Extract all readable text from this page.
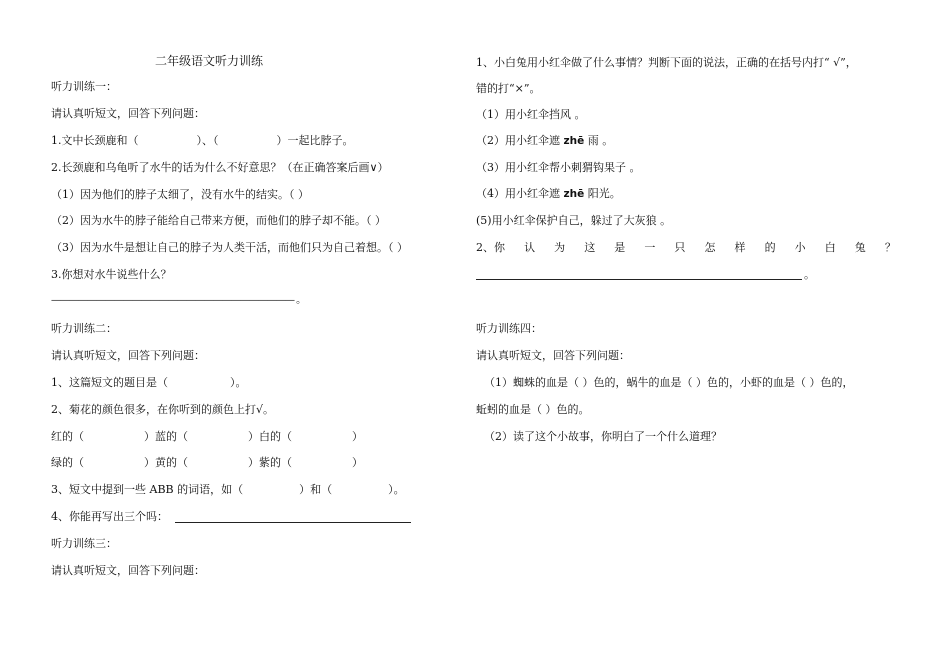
二年级语文听力训练
听力训练一：
请认真听短文，回答下列问题：
1.文中长颈鹿和（	）、（	）一起比脖子。
2.长颈鹿和乌龟听了水牛的话为什么不好意思？（在正确答案后画∨）
（1）因为他们的脖子太细了，没有水牛的结实。（ ）
（2）因为水牛的脖子能给自己带来方便，而他们的脖子却不能。（ ）
（3）因为水牛是想让自己的脖子为人类干活，而他们只为自己着想。（ ）
3.你想对水牛说些什么？
——————————————————————————— 。
听力训练二：
请认真听短文，回答下列问题：
1、这篇短文的题目是（	）。
2、菊花的颜色很多，在你听到的颜色上打√。
红的（	）蓝的（	）白的（	）
绿的（	）黄的（	）紫的（	）
3、短文中提到一些 ABB 的词语，如（	）和（	）。
4、你能再写出三个吗：
听力训练三：
请认真听短文，回答下列问题：
1、小白兔用小红伞做了什么事情？判断下面的说法，正确的在括号内打“ √”，
错的打“×”。
（1）用小红伞挡风 。
（2）用小红伞遮 zhē 雨 。
（3）用小红伞帮小刺猬钩果子 。
（4）用小红伞遮 zhē 阳光。
(5)用小红伞保护自己，躲过了大灰狼 。
2、你 认 为 这 是 一 只 怎 样 的 小 白 兔 ？
。
听力训练四：
请认真听短文，回答下列问题：
（1）蜘蛛的血是（ ）色的，蜗牛的血是（ ）色的，小虾的血是（ ）色的，
蚯蚓的血是（ ）色的。
（2）读了这个小故事，你明白了一个什么道理？
